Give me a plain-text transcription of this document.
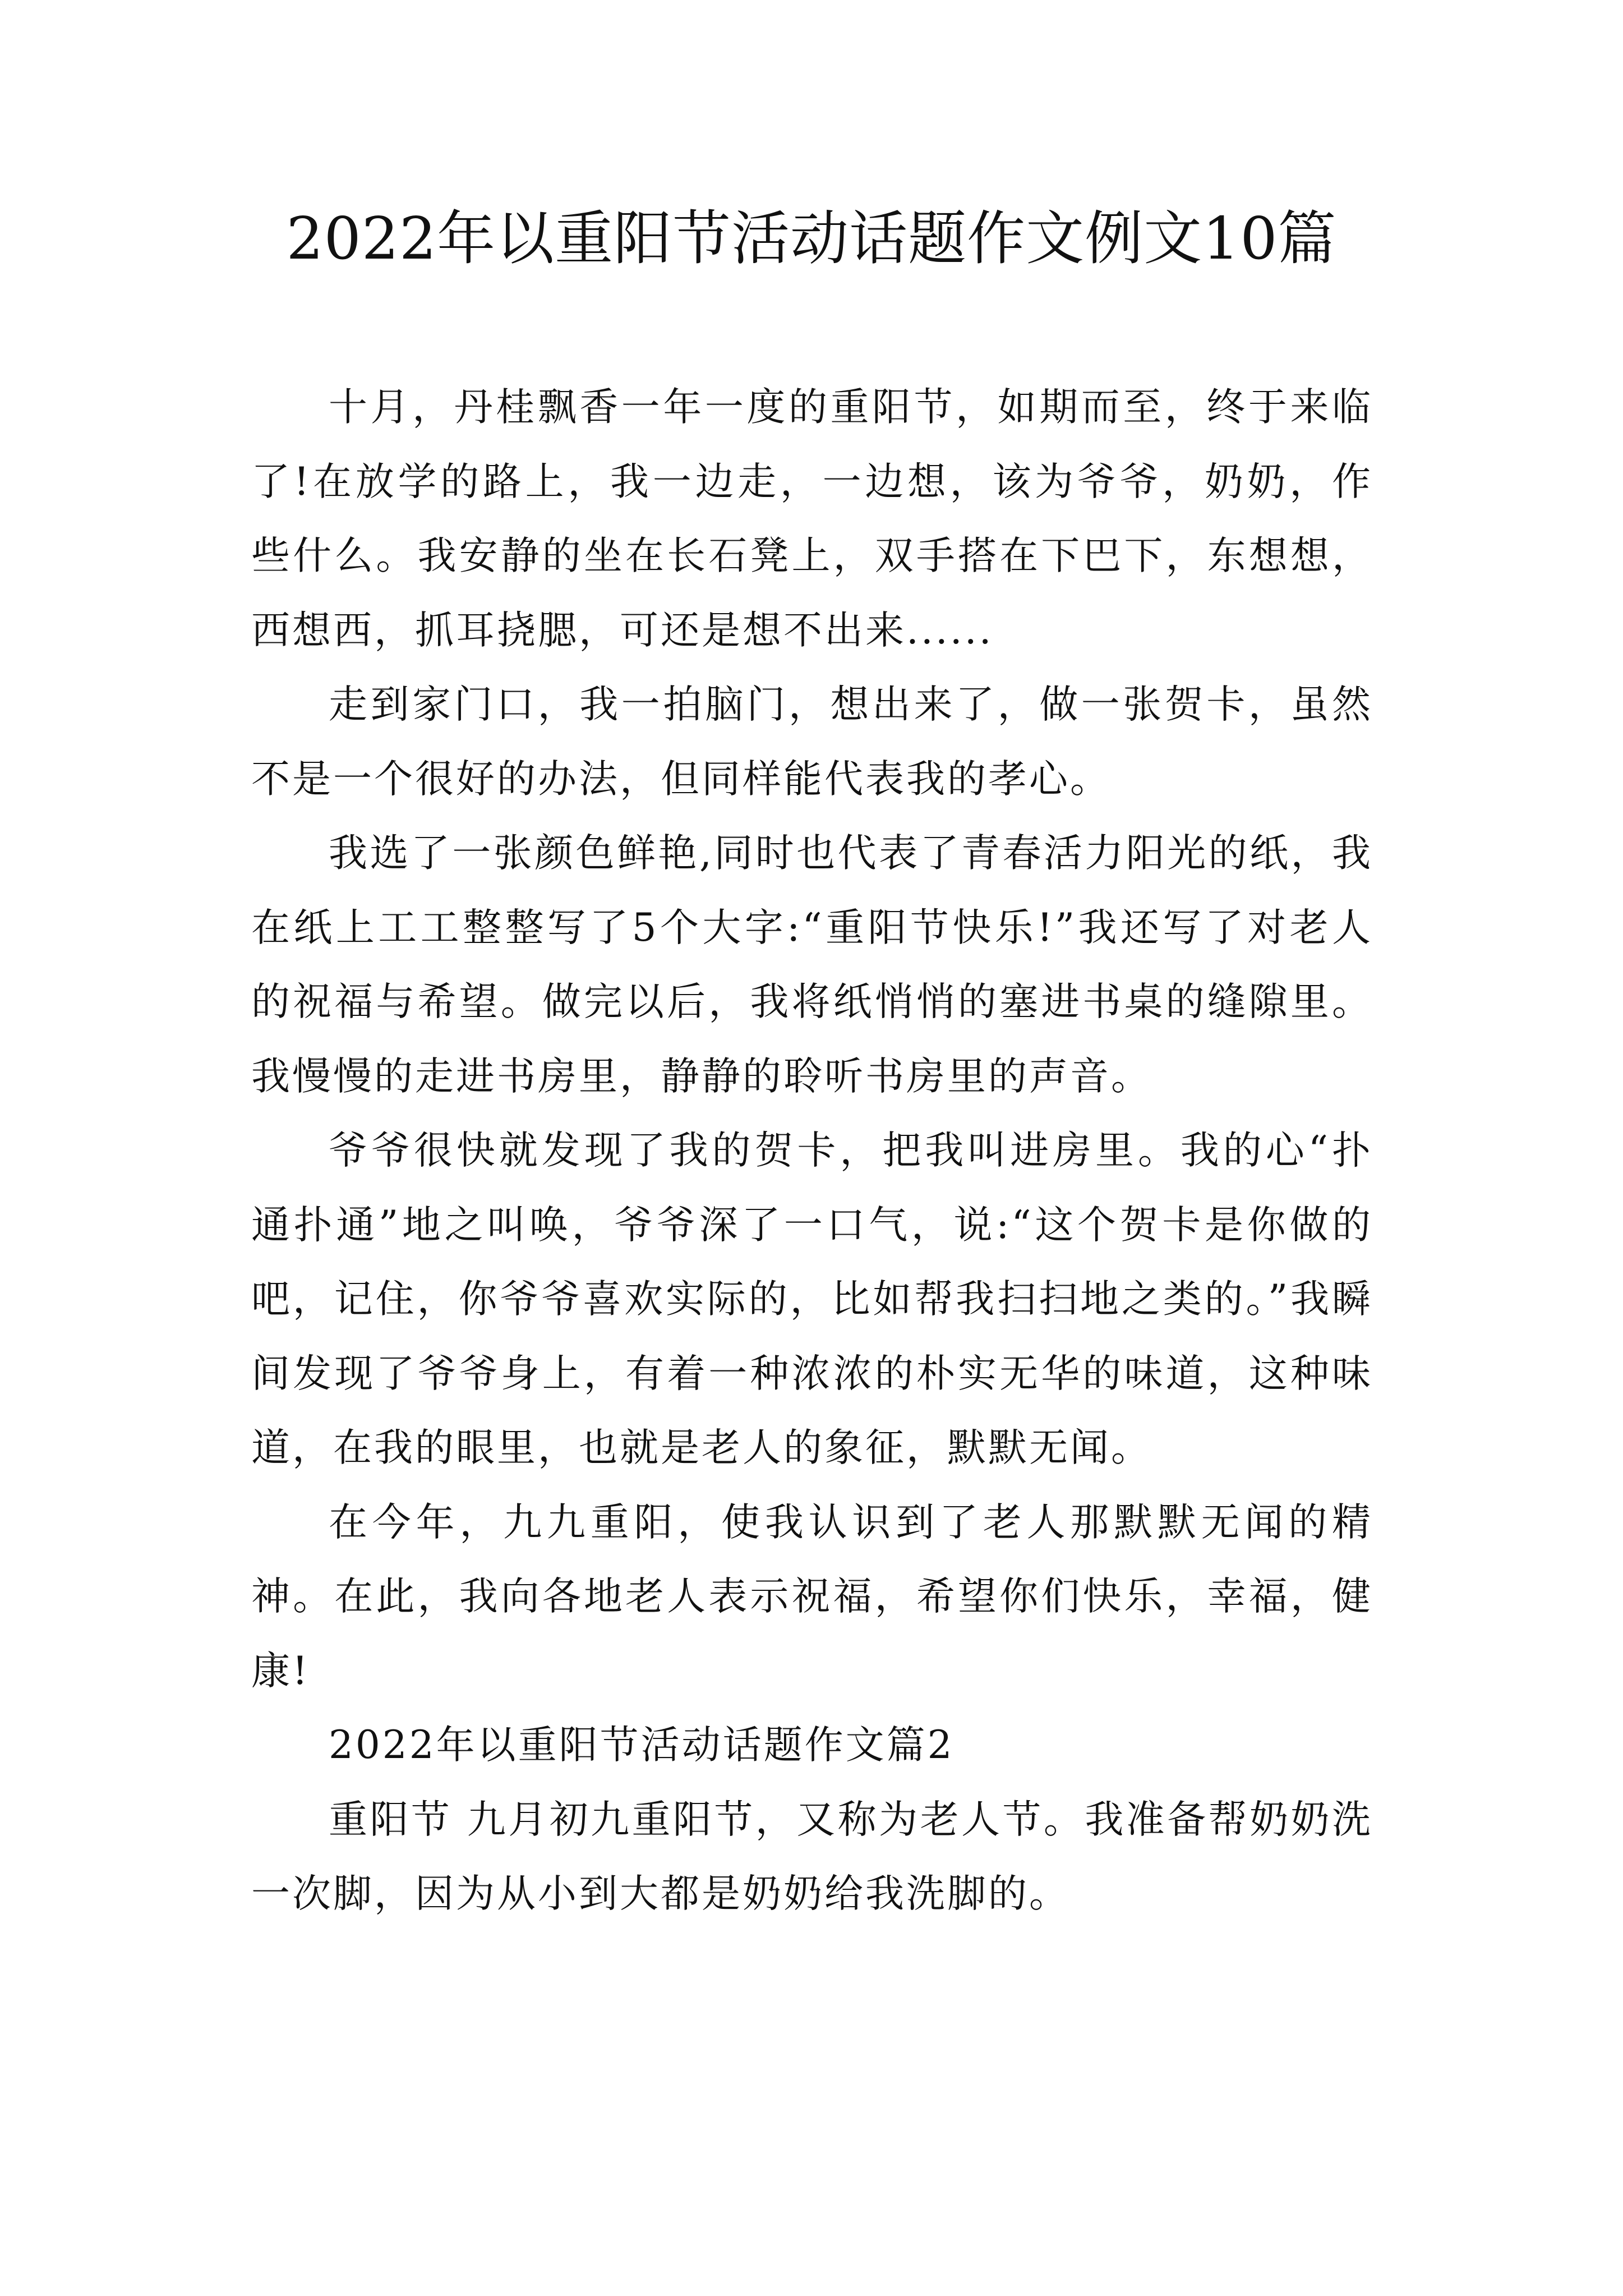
2022年以重阳节活动话题作文例文10篇

十月，丹桂飘香一年一度的重阳节，如期而至，终于来临了!在放学的路上，我一边走，一边想，该为爷爷，奶奶，作些什么。我安静的坐在长石凳上，双手搭在下巴下，东想想，西想西，抓耳挠腮，可还是想不出来......

走到家门口，我一拍脑门，想出来了，做一张贺卡，虽然不是一个很好的办法，但同样能代表我的孝心。

我选了一张颜色鲜艳,同时也代表了青春活力阳光的纸，我在纸上工工整整写了5个大字:“重阳节快乐!”我还写了对老人的祝福与希望。做完以后，我将纸悄悄的塞进书桌的缝隙里。我慢慢的走进书房里，静静的聆听书房里的声音。

爷爷很快就发现了我的贺卡，把我叫进房里。我的心“扑通扑通”地之叫唤，爷爷深了一口气，说:“这个贺卡是你做的吧，记住，你爷爷喜欢实际的，比如帮我扫扫地之类的。”我瞬间发现了爷爷身上，有着一种浓浓的朴实无华的味道，这种味道，在我的眼里，也就是老人的象征，默默无闻。

在今年，九九重阳，使我认识到了老人那默默无闻的精神。在此，我向各地老人表示祝福，希望你们快乐，幸福，健康!

2022年以重阳节活动话题作文篇2

重阳节 九月初九重阳节，又称为老人节。我准备帮奶奶洗一次脚，因为从小到大都是奶奶给我洗脚的。
